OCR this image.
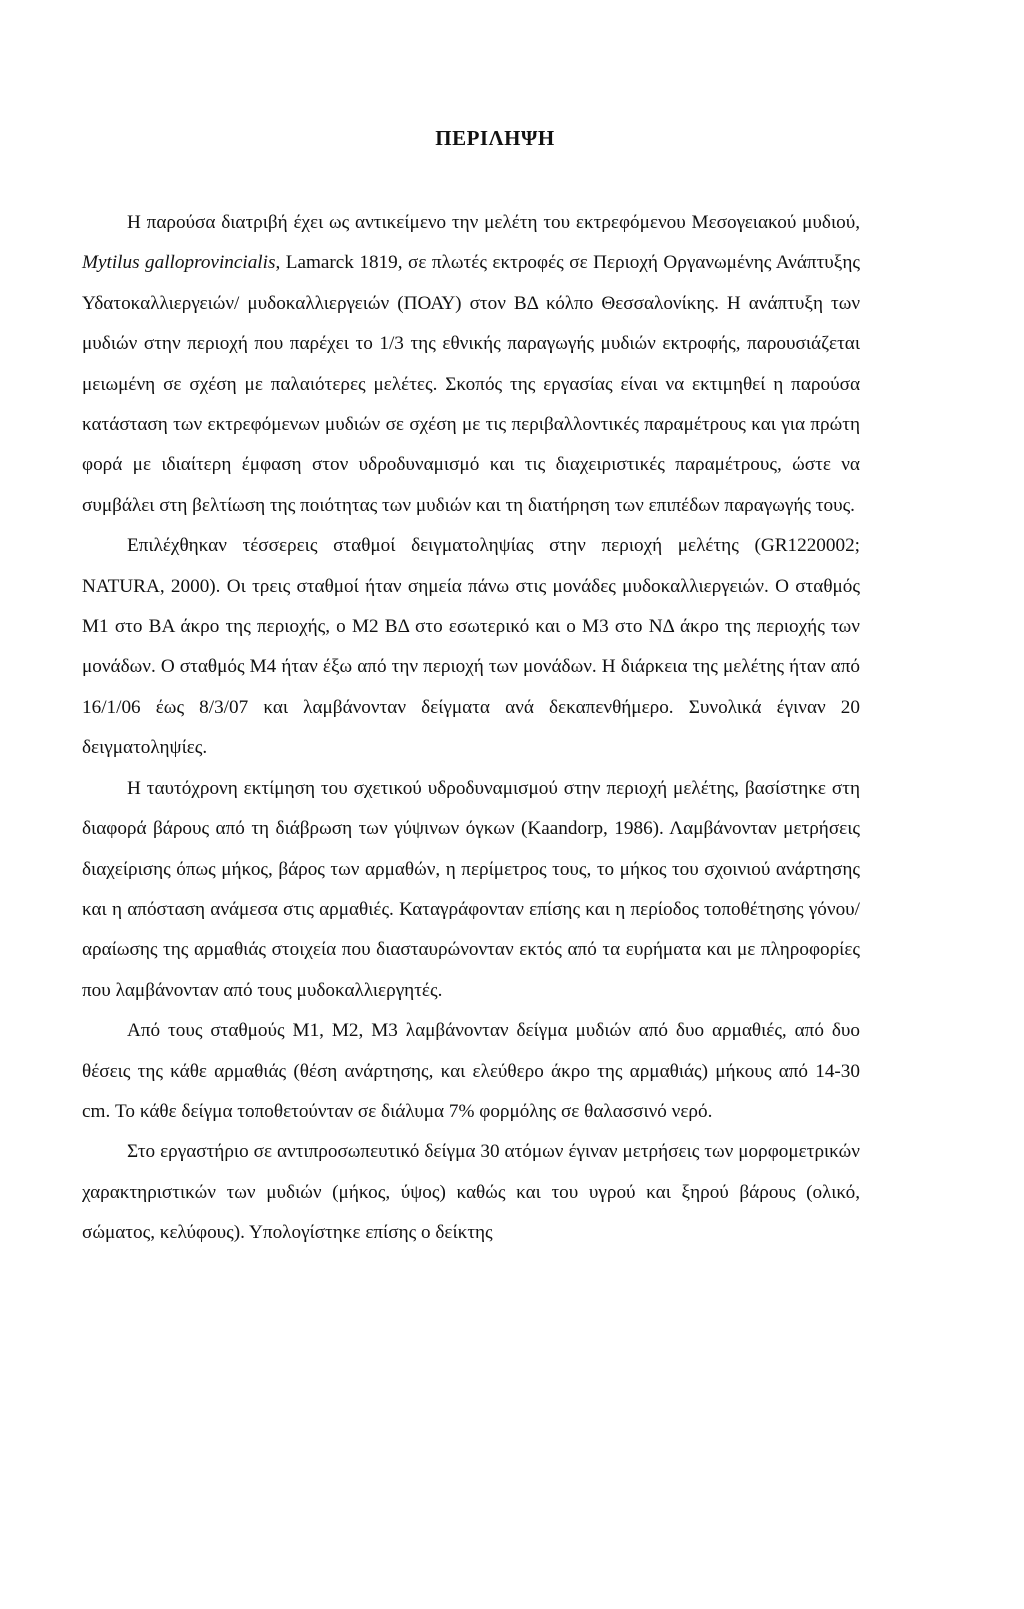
ΠΕΡΙΛΗΨΗ

Η παρούσα διατριβή έχει ως αντικείμενο την μελέτη του εκτρεφόμενου Μεσογειακού μυδιού, Mytilus galloprovincialis, Lamarck 1819, σε πλωτές εκτροφές σε Περιοχή Οργανωμένης Ανάπτυξης Υδατοκαλλιεργειών/ μυδοκαλλιεργειών (ΠΟΑΥ) στον ΒΔ κόλπο Θεσσαλονίκης. Η ανάπτυξη των μυδιών στην περιοχή που παρέχει το 1/3 της εθνικής παραγωγής μυδιών εκτροφής, παρουσιάζεται μειωμένη σε σχέση με παλαιότερες μελέτες. Σκοπός της εργασίας είναι να εκτιμηθεί η παρούσα κατάσταση των εκτρεφόμενων μυδιών σε σχέση με τις περιβαλλοντικές παραμέτρους και για πρώτη φορά με ιδιαίτερη έμφαση στον υδροδυναμισμό και τις διαχειριστικές παραμέτρους, ώστε να συμβάλει στη βελτίωση της ποιότητας των μυδιών και τη διατήρηση των επιπέδων παραγωγής τους.

Επιλέχθηκαν τέσσερεις σταθμοί δειγματοληψίας στην περιοχή μελέτης (GR1220002; NATURA, 2000). Οι τρεις σταθμοί ήταν σημεία πάνω στις μονάδες μυδοκαλλιεργειών. Ο σταθμός Μ1 στο ΒΑ άκρο της περιοχής, ο Μ2 ΒΔ στο εσωτερικό και ο Μ3 στο ΝΔ άκρο της περιοχής των μονάδων. Ο σταθμός Μ4 ήταν έξω από την περιοχή των μονάδων. Η διάρκεια της μελέτης ήταν από 16/1/06 έως 8/3/07 και λαμβάνονταν δείγματα ανά δεκαπενθήμερο. Συνολικά έγιναν 20 δειγματοληψίες.

Η ταυτόχρονη εκτίμηση του σχετικού υδροδυναμισμού στην περιοχή μελέτης, βασίστηκε στη διαφορά βάρους από τη διάβρωση των γύψινων όγκων (Kaandorp, 1986). Λαμβάνονταν μετρήσεις διαχείρισης όπως μήκος, βάρος των αρμαθών, η περίμετρος τους, το μήκος του σχοινιού ανάρτησης και η απόσταση ανάμεσα στις αρμαθιές. Καταγράφονταν επίσης και η περίοδος τοποθέτησης γόνου/αραίωσης της αρμαθιάς στοιχεία που διασταυρώνονταν εκτός από τα ευρήματα και με πληροφορίες που λαμβάνονταν από τους μυδοκαλλιεργητές.

Από τους σταθμούς Μ1, Μ2, Μ3 λαμβάνονταν δείγμα μυδιών από δυο αρμαθιές, από δυο θέσεις της κάθε αρμαθιάς (θέση ανάρτησης, και ελεύθερο άκρο της αρμαθιάς) μήκους από 14-30 cm. Το κάθε δείγμα τοποθετούνταν σε διάλυμα 7% φορμόλης σε θαλασσινό νερό.

Στο εργαστήριο σε αντιπροσωπευτικό δείγμα 30 ατόμων έγιναν μετρήσεις των μορφομετρικών χαρακτηριστικών των μυδιών (μήκος, ύψος) καθώς και του υγρού και ξηρού βάρους (ολικό, σώματος, κελύφους). Υπολογίστηκε επίσης ο δείκτης
